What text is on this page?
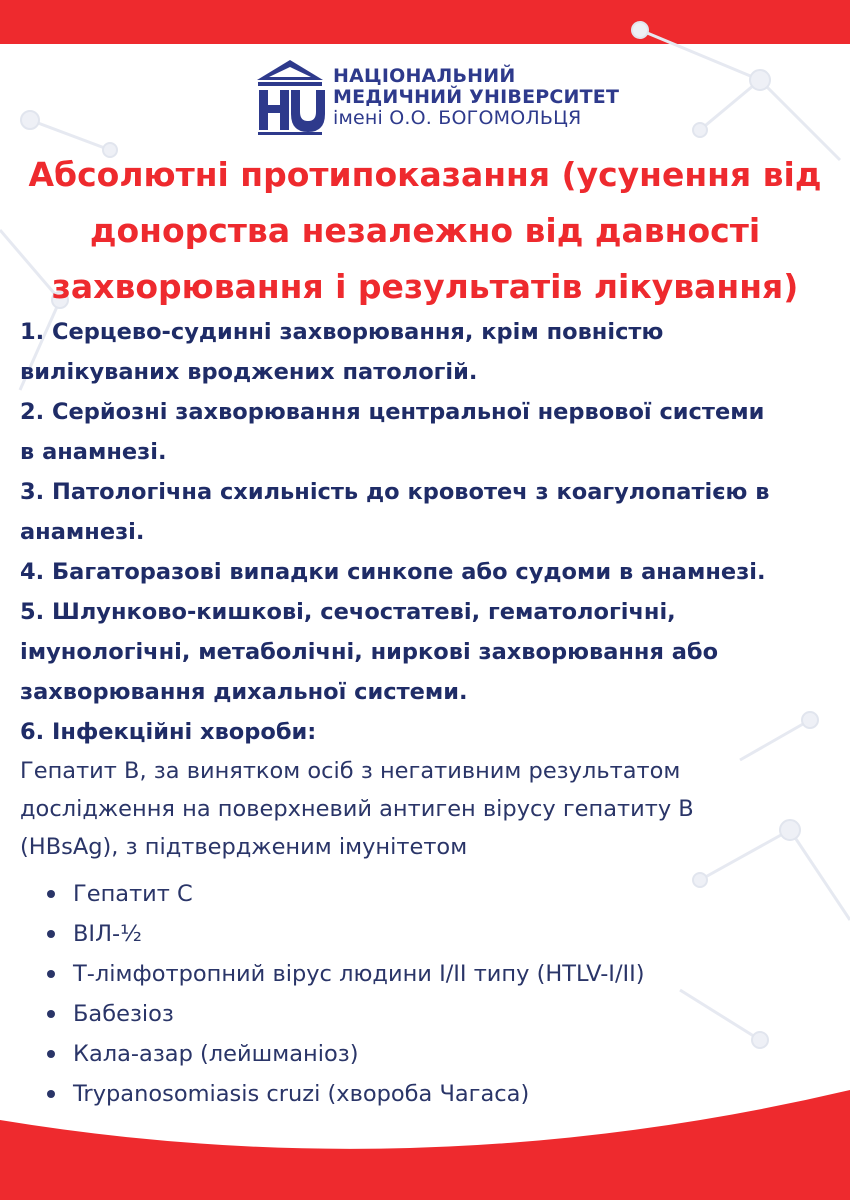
НАЦІОНАЛЬНИЙ
МЕДИЧНИЙ УНІВЕРСИТЕТ
імені О.О. БОГОМОЛЬЦЯ
Абсолютні протипоказання (усунення від
донорства незалежно від давності
захворювання і результатів лікування)
1. Серцево-судинні захворювання, крім повністю
вилікуваних вроджених патологій.
2. Серйозні захворювання центральної нервової системи
в анамнезі.
3. Патологічна схильність до кровотеч з коагулопатією в
анамнезі.
4. Багаторазові випадки синкопе або судоми в анамнезі.
5. Шлунково-кишкові, сечостатеві, гематологічні,
імунологічні, метаболічні, ниркові захворювання або
захворювання дихальної системи.
6. Інфекційні хвороби:
Гепатит В, за винятком осіб з негативним результатом
дослідження на поверхневий антиген вірусу гепатиту В
(HBsAg), з підтвердженим імунітетом
Гепатит С
ВІЛ-½
Т-лімфотропний вірус людини I/II типу (HTLV-I/II)
Бабезіоз
Кала-азар (лейшманіоз)
Trypanosomiasis cruzi (хвороба Чагаса)
